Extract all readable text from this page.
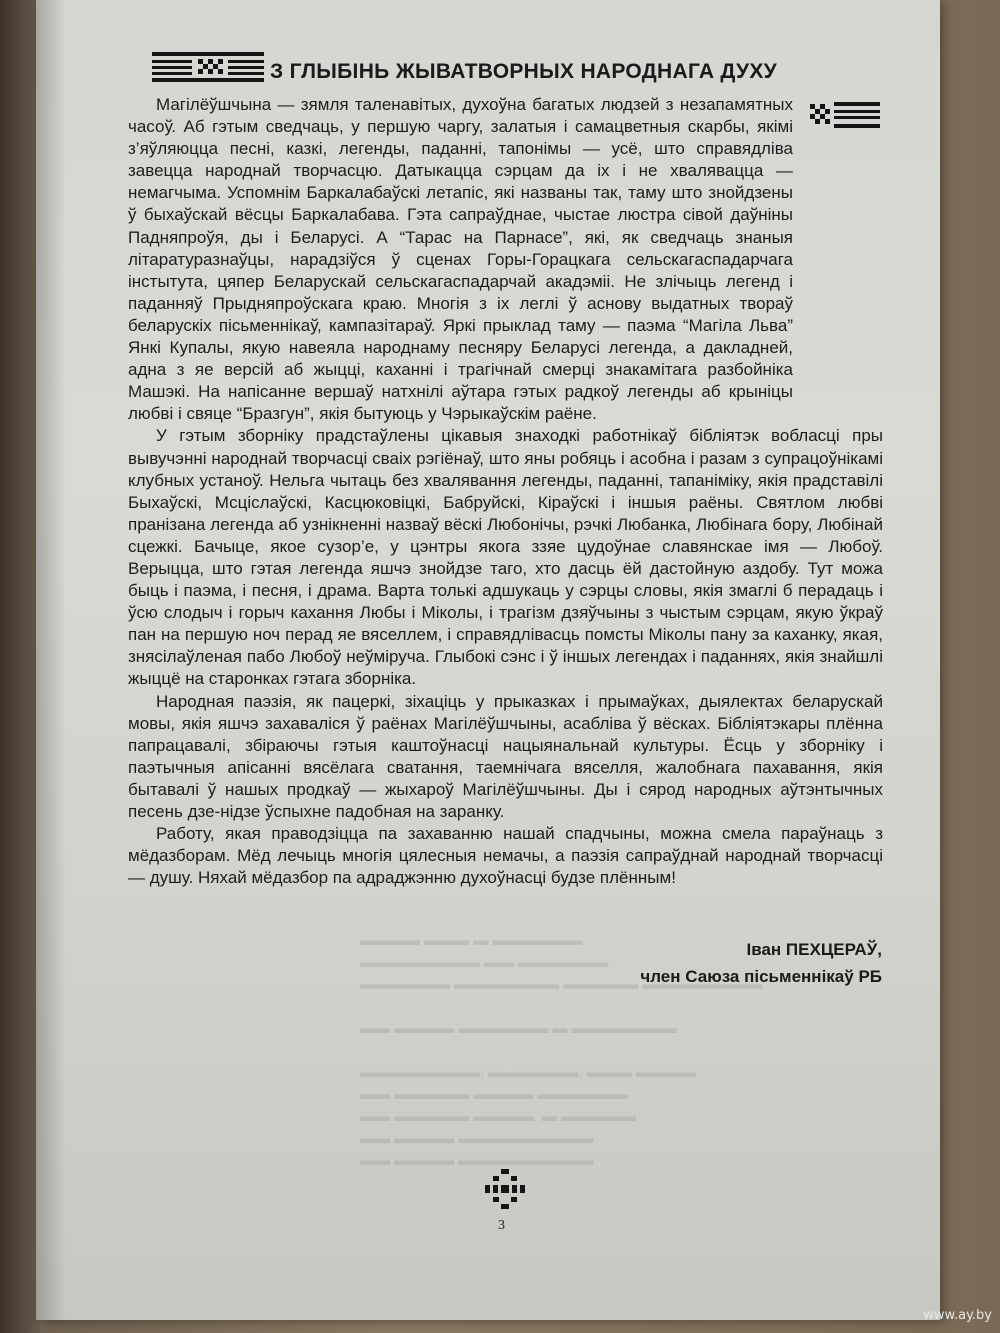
▬▬▬▬ ▬▬▬ ▬ ▬▬▬▬▬▬
▬▬▬▬▬▬▬▬ ▬▬ ▬▬▬▬▬▬
▬▬▬▬▬▬ ▬▬▬▬▬▬▬ ▬▬▬▬▬ ▬▬▬▬▬▬▬▬

▬▬ ▬▬▬▬ ▬▬▬▬▬▬ ▬ ▬▬▬▬▬▬▬

▬▬▬▬▬▬▬▬, ▬▬▬▬▬▬, ▬▬▬ ▬▬▬▬
▬▬ ▬▬▬▬▬ ▬▬▬▬ ▬▬▬▬▬▬
▬▬ ▬▬▬▬▬ ▬▬▬▬, ▬ ▬▬▬▬▬
▬▬ ▬▬▬▬ ▬▬▬▬▬▬▬▬▬
▬▬ ▬▬▬▬ ▬▬▬▬▬▬▬▬▬
З ГЛЫБІНЬ ЖЫВАТВОРНЫХ НАРОДНАГА ДУХУ

Магілёўшчына — зямля таленавітых, духоўна багатых людзей з незапамятных часоў. Аб гэтым сведчаць, у першую чаргу, залатыя і самацветныя скарбы, якімі з’яўляюцца песні, казкі, легенды, паданні, тапонімы — усё, што справядліва завецца народнай творчасцю. Датыкацца сэрцам да іх і не хвалявацца — немагчыма. Успомнім Баркалабаўскі летапіс, які названы так, таму што знойдзены ў быхаўскай вёсцы Баркалабава. Гэта сапраўднае, чыстае люстра сівой даўніны Падняпроўя, ды і Беларусі. А “Тарас на Парнасе”, які, як сведчаць знаныя літаратуразнаўцы, нарадзіўся ў сценах Горы-Горацкага сельскагаспадарчага інстытута, цяпер Беларускай сельскагаспадарчай акадэміі. Не злічыць легенд і паданняў Прыдняпроўскага краю. Многія з іх леглі ў аснову выдатных твораў беларускіх пісьменнікаў, кампазітараў. Яркі прыклад таму — паэма “Магіла Льва” Янкі Купалы, якую навеяла народнаму песняру Беларусі легенда, а дакладней, адна з яе версій аб жыцці, каханні і трагічнай смерці знакамітага разбойніка Машэкі. На напісанне вершаў натхнілі аўтара гэтых радкоў легенды аб крыніцы любві і свяце “Бразгун”, якія бытуюць у Чэрыкаўскім раёне.

У гэтым зборніку прадстаўлены цікавыя знаходкі работнікаў бібліятэк вобласці пры вывучэнні народнай творчасці сваіх рэгіёнаў, што яны робяць і асобна і разам з супрацоўнікамі клубных устаноў. Нельга чытаць без хвалявання легенды, паданні, тапаніміку, якія прадставілі Быхаўскі, Мсціслаўскі, Касцюковіцкі, Бабруйскі, Кіраўскі і іншыя раёны. Святлом любві пранізана легенда аб узнікненні назваў вёскі Любонічы, рэчкі Любанка, Любінага бору, Любінай сцежкі. Бачыце, якое сузор’е, у цэнтры якога ззяе цудоўнае славянскае імя — Любоў. Верыцца, што гэтая легенда яшчэ знойдзе таго, хто дасць ёй дастойную аздобу. Тут можа быць і паэма, і песня, і драма. Варта толькі адшукаць у сэрцы словы, якія змаглі б перадаць і ўсю слодыч і горыч кахання Любы і Міколы, і трагізм дзяўчыны з чыстым сэрцам, якую ўкраў пан на першую ноч перад яе вяселлем, і справядлівасць помсты Міколы пану за каханку, якая, знясілаўленая пабо Любоў неўміруча. Глыбокі сэнс і ў іншых легендах і паданнях, якія знайшлі жыццё на старонках гэтага зборніка.

Народная паэзія, як пацеркі, зіхаціць у прыказках і прымаўках, дыялектах беларускай мовы, якія яшчэ захаваліся ў раёнах Магілёўшчыны, асабліва ў вёсках. Бібліятэкары плённа папрацавалі, збіраючы гэтыя каштоўнасці нацыянальнай культуры. Ёсць у зборніку і паэтычныя апісанні вясёлага сватання, таемнічага вяселля, жалобнага пахавання, якія бытавалі ў нашых продкаў — жыхароў Магілёўшчыны. Ды і сярод народных аўтэнтычных песень дзе-нідзе ўспыхне падобная на заранку.

Работу, якая праводзіцца па захаванню нашай спадчыны, можна смела параўнаць з мёдазборам. Мёд лечыць многія цялесныя немачы, а паэзія сапраўднай народнай творчасці — душу. Няхай мёдазбор па адраджэнню духоўнасці будзе плённым!

Іван ПЕХЦЕРАЎ,
член Саюза пісьменнікаў РБ
3
www.ay.by
